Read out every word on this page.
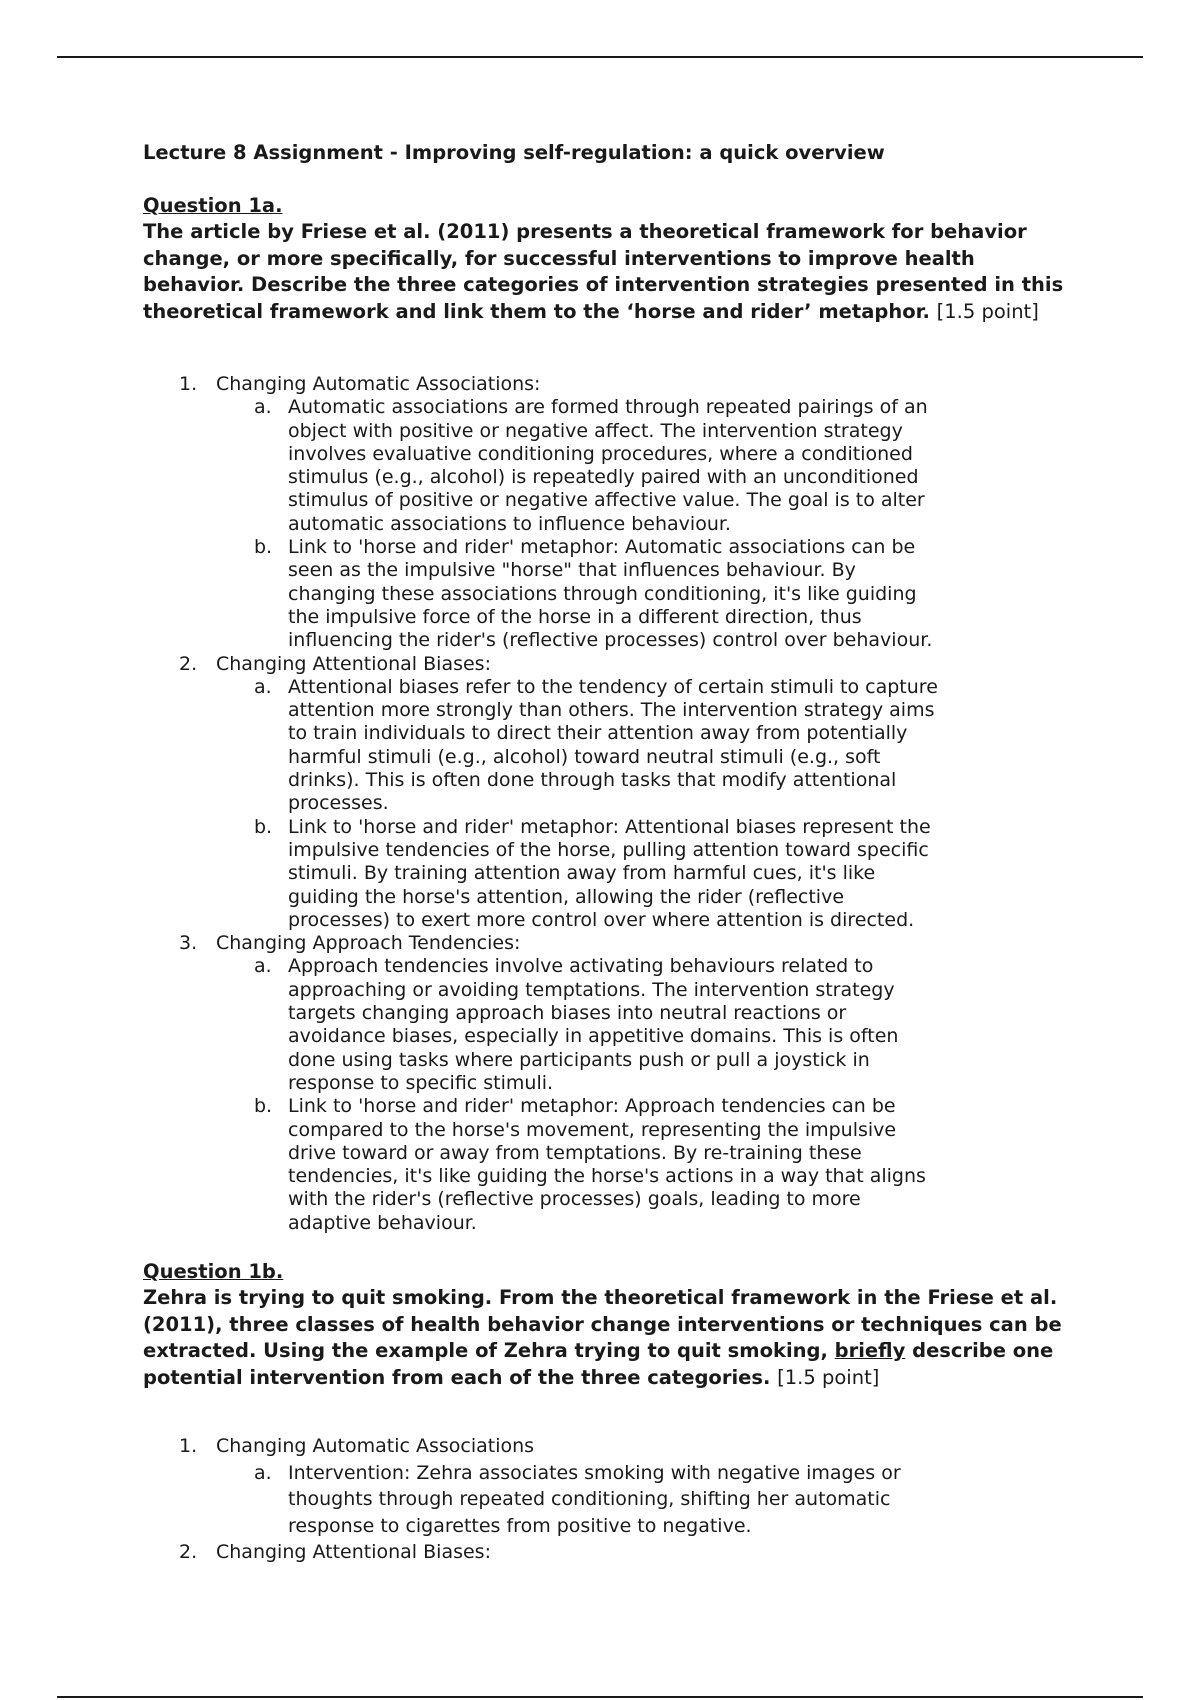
Lecture 8 Assignment - Improving self-regulation: a quick overview

Question 1a.

The article by Friese et al. (2011) presents a theoretical framework for behavior change, or more specifically, for successful interventions to improve health behavior. Describe the three categories of intervention strategies presented in this theoretical framework and link them to the ‘horse and rider’ metaphor. [1.5 point]

1. Changing Automatic Associations:
a. Automatic associations are formed through repeated pairings of an object with positive or negative affect. The intervention strategy involves evaluative conditioning procedures, where a conditioned stimulus (e.g., alcohol) is repeatedly paired with an unconditioned stimulus of positive or negative affective value. The goal is to alter automatic associations to influence behaviour.
b. Link to 'horse and rider' metaphor: Automatic associations can be seen as the impulsive "horse" that influences behaviour. By changing these associations through conditioning, it's like guiding the impulsive force of the horse in a different direction, thus influencing the rider's (reflective processes) control over behaviour.
2. Changing Attentional Biases:
a. Attentional biases refer to the tendency of certain stimuli to capture attention more strongly than others. The intervention strategy aims to train individuals to direct their attention away from potentially harmful stimuli (e.g., alcohol) toward neutral stimuli (e.g., soft drinks). This is often done through tasks that modify attentional processes.
b. Link to 'horse and rider' metaphor: Attentional biases represent the impulsive tendencies of the horse, pulling attention toward specific stimuli. By training attention away from harmful cues, it's like guiding the horse's attention, allowing the rider (reflective processes) to exert more control over where attention is directed.
3. Changing Approach Tendencies:
a. Approach tendencies involve activating behaviours related to approaching or avoiding temptations. The intervention strategy targets changing approach biases into neutral reactions or avoidance biases, especially in appetitive domains. This is often done using tasks where participants push or pull a joystick in response to specific stimuli.
b. Link to 'horse and rider' metaphor: Approach tendencies can be compared to the horse's movement, representing the impulsive drive toward or away from temptations. By re-training these tendencies, it's like guiding the horse's actions in a way that aligns with the rider's (reflective processes) goals, leading to more adaptive behaviour.
Question 1b.

Zehra is trying to quit smoking. From the theoretical framework in the Friese et al. (2011), three classes of health behavior change interventions or techniques can be extracted. Using the example of Zehra trying to quit smoking, briefly describe one potential intervention from each of the three categories. [1.5 point]

1. Changing Automatic Associations
a. Intervention: Zehra associates smoking with negative images or thoughts through repeated conditioning, shifting her automatic response to cigarettes from positive to negative.
2. Changing Attentional Biases:
